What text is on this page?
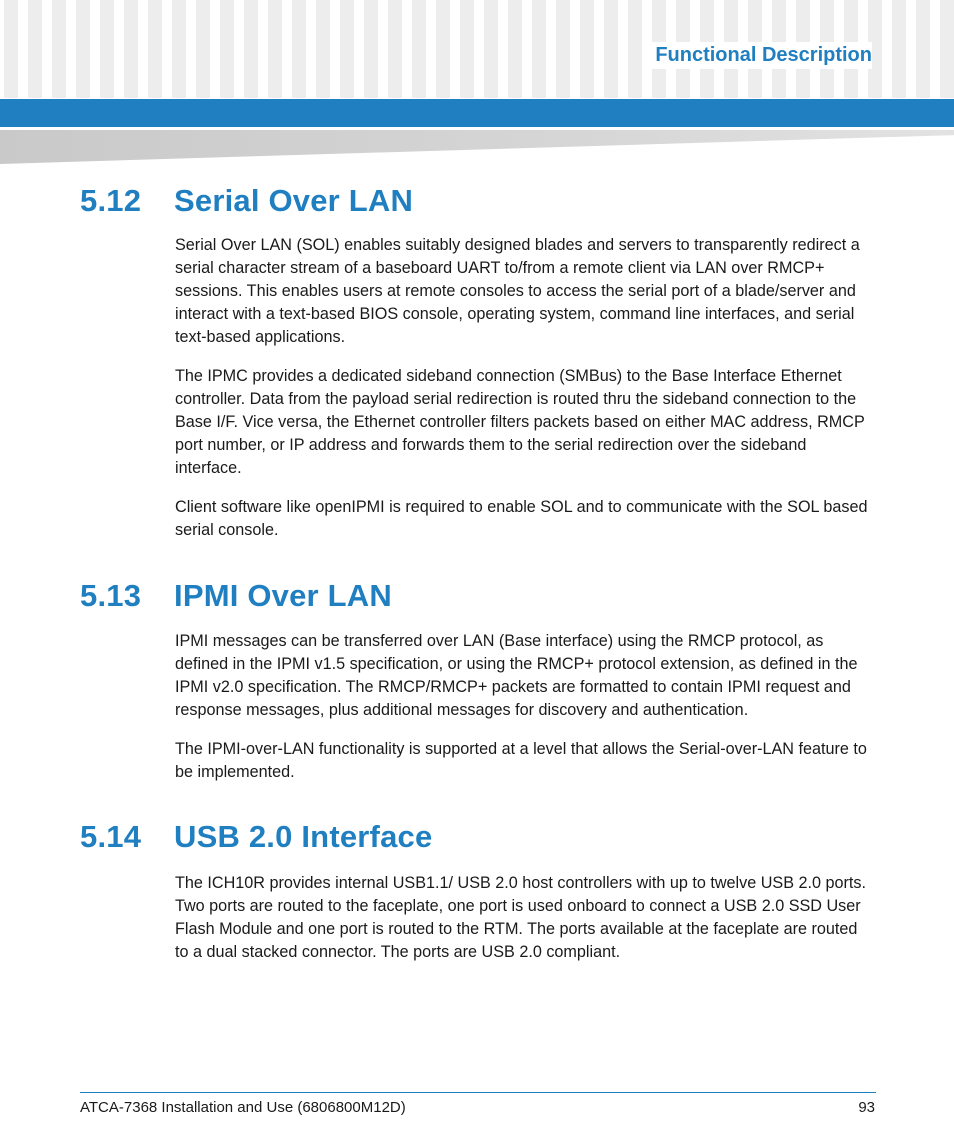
Functional Description
5.12 Serial Over LAN

Serial Over LAN (SOL) enables suitably designed blades and servers to transparently redirect a serial character stream of a baseboard UART to/from a remote client via LAN over RMCP+ sessions. This enables users at remote consoles to access the serial port of a blade/server and interact with a text-based BIOS console, operating system, command line interfaces, and serial text-based applications.

The IPMC provides a dedicated sideband connection (SMBus) to the Base Interface Ethernet controller. Data from the payload serial redirection is routed thru the sideband connection to the Base I/F. Vice versa, the Ethernet controller filters packets based on either MAC address, RMCP port number, or IP address and forwards them to the serial redirection over the sideband interface.

Client software like openIPMI is required to enable SOL and to communicate with the SOL based serial console.

5.13 IPMI Over LAN

IPMI messages can be transferred over LAN (Base interface) using the RMCP protocol, as defined in the IPMI v1.5 specification, or using the RMCP+ protocol extension, as defined in the IPMI v2.0 specification. The RMCP/RMCP+ packets are formatted to contain IPMI request and response messages, plus additional messages for discovery and authentication.

The IPMI-over-LAN functionality is supported at a level that allows the Serial-over-LAN feature to be implemented.

5.14 USB 2.0 Interface

The ICH10R provides internal USB1.1/ USB 2.0 host controllers with up to twelve USB 2.0 ports. Two ports are routed to the faceplate, one port is used onboard to connect a USB 2.0 SSD User Flash Module and one port is routed to the RTM. The ports available at the faceplate are routed to a dual stacked connector. The ports are USB 2.0 compliant.

ATCA-7368 Installation and Use (6806800M12D)	93
